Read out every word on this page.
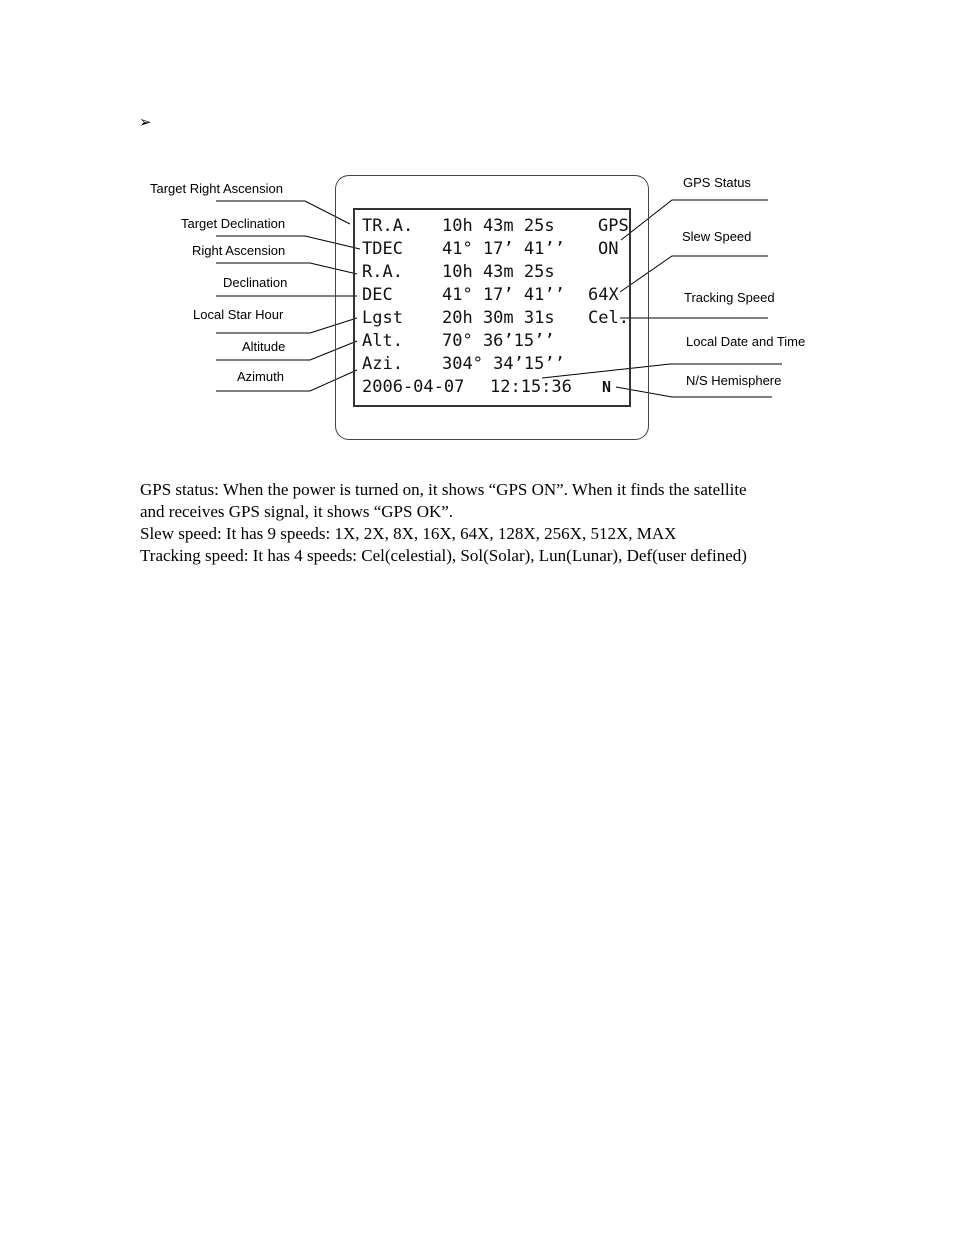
➢
Target Right Ascension
Target Declination
Right Ascension
Declination
Local Star Hour
Altitude
Azimuth
GPS Status
Slew Speed
Tracking Speed
Local Date and Time
N/S Hemisphere
TR.A. 10h 43m 25s	GPS
TDEC 41° 17’ 41’’ ON
R.A. 10h 43m 25s
DEC	41° 17’ 41’’ 64X
Lgst 20h 30m 31s Cel.
Alt. 70° 36’15’’
Azi. 304° 34’15’’
2006-04-07 12:15:36 N
GPS status: When the power is turned on, it shows “GPS ON”. When it finds the satellite
and receives GPS signal, it shows “GPS OK”.
Slew speed: It has 9 speeds: 1X, 2X, 8X, 16X, 64X, 128X, 256X, 512X, MAX
Tracking speed: It has 4 speeds: Cel(celestial), Sol(Solar), Lun(Lunar), Def(user defined)
